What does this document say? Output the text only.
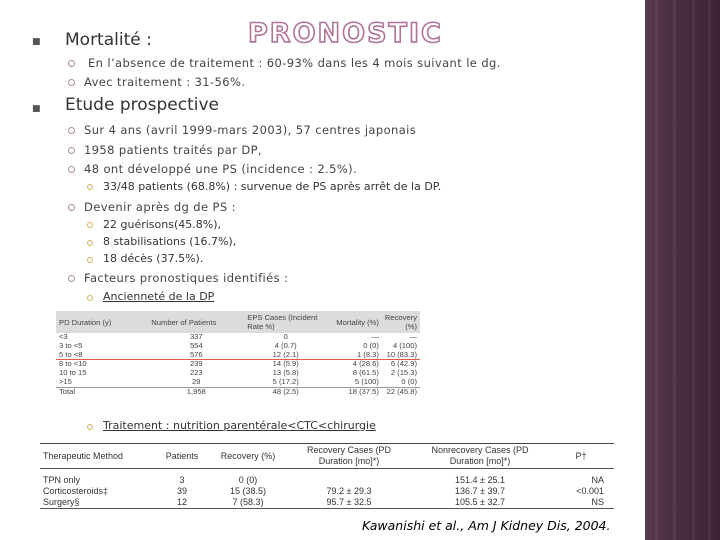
PRONOSTIC
■ Mortalité :
En l’absence de traitement : 60-93% dans les 4 mois suivant le dg.
Avec traitement : 31-56%.
■ Etude prospective
Sur 4 ans (avril 1999-mars 2003), 57 centres japonais
1958 patients traités par DP,
48 ont développé une PS (incidence : 2.5%).
33/48 patients (68.8%) : survenue de PS après arrêt de la DP.
Devenir après dg de PS :
22 guérisons(45.8%),
8 stabilisations (16.7%),
18 décès (37.5%).
Facteurs pronostiques identifiés :
Ancienneté de la DP
PD Duration (y)	Number of Patients	EPS Cases (Incident Rate %)	Mortality (%)	Recovery (%)
<3	337	0	—	—
3 to <5	554	4 (0.7)	0 (0)	4 (100)
5 to <8	576	12 (2.1)	1 (8.3)	10 (83.3)
8 to <10	239	14 (5.9)	4 (28.6)	6 (42.9)
10 to 15	223	13 (5.8)	8 (61.5)	2 (15.3)
>15	29	5 (17.2)	5 (100)	0 (0)
Total	1,958	48 (2.5)	18 (37.5)	22 (45.8)
Traitement : nutrition parentérale<CTC<chirurgie
Therapeutic Method	Patients	Recovery (%)	Recovery Cases (PD Duration [mo]*)	Nonrecovery Cases (PD Duration [mo]*)	P†
TPN only	3	0 (0)		151.4 ± 25.1	NA
Corticosteroids‡	39	15 (38.5)	79.2 ± 29.3	136.7 ± 39.7	<0.001
Surgery§	12	7 (58.3)	95.7 ± 32.5	105.5 ± 32.7	NS
Kawanishi et al., Am J Kidney Dis, 2004.
